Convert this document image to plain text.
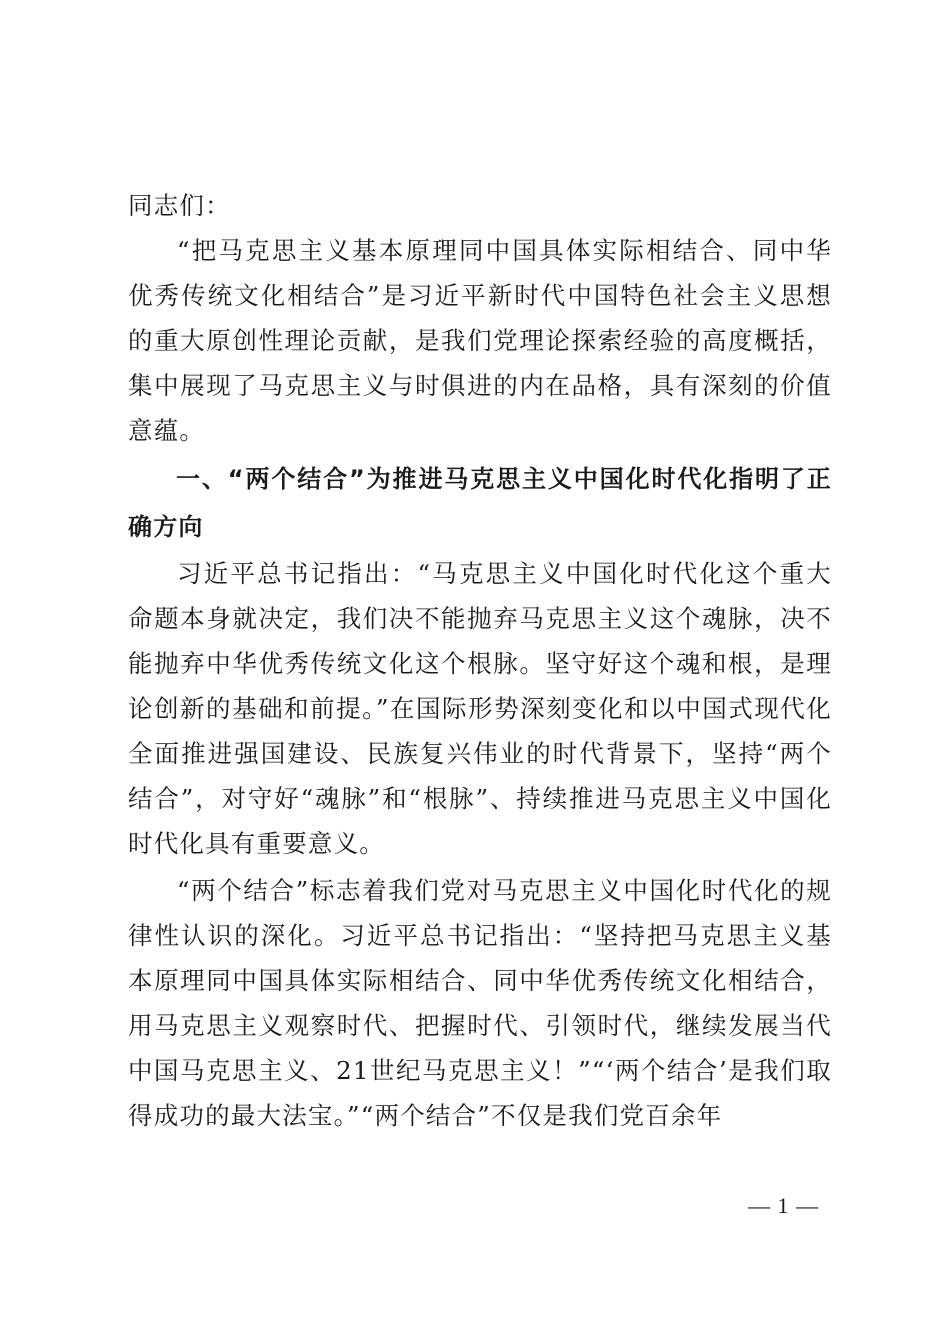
同志们：

“把马克思主义基本原理同中国具体实际相结合、同中华优秀传统文化相结合”是习近平新时代中国特色社会主义思想的重大原创性理论贡献，是我们党理论探索经验的高度概括，集中展现了马克思主义与时俱进的内在品格，具有深刻的价值意蕴。

一、“两个结合”为推进马克思主义中国化时代化指明了正确方向

习近平总书记指出：“马克思主义中国化时代化这个重大命题本身就决定，我们决不能抛弃马克思主义这个魂脉，决不能抛弃中华优秀传统文化这个根脉。坚守好这个魂和根，是理论创新的基础和前提。”在国际形势深刻变化和以中国式现代化全面推进强国建设、民族复兴伟业的时代背景下，坚持“两个结合”，对守好“魂脉”和“根脉”、持续推进马克思主义中国化时代化具有重要意义。

“两个结合”标志着我们党对马克思主义中国化时代化的规律性认识的深化。习近平总书记指出：“坚持把马克思主义基本原理同中国具体实际相结合、同中华优秀传统文化相结合，用马克思主义观察时代、把握时代、引领时代，继续发展当代中国马克思主义、21世纪马克思主义！”“‘两个结合’是我们取得成功的最大法宝。”“两个结合”不仅是我们党百余年

— 1 —
